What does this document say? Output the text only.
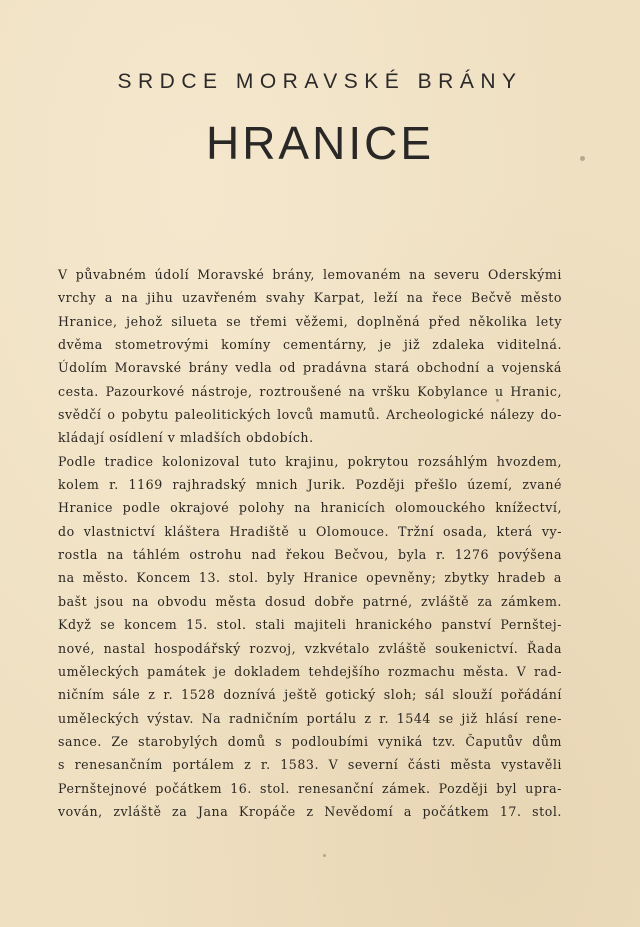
SRDCE MORAVSKÉ BRÁNY
HRANICE
V půvabném údolí Moravské brány, lemovaném na severu Oderskými
vrchy a na jihu uzavřeném svahy Karpat, leží na řece Bečvě město
Hranice, jehož silueta se třemi věžemi, doplněná před několika lety
dvěma stometrovými komíny cementárny, je již zdaleka viditelná.
Údolím Moravské brány vedla od pradávna stará obchodní a vojenská
cesta. Pazourkové nástroje, roztroušené na vršku Kobylance u Hranic,
svědčí o pobytu paleolitických lovců mamutů. Archeologické nálezy do-
kládají osídlení v mladších obdobích.
Podle tradice kolonizoval tuto krajinu, pokrytou rozsáhlým hvozdem,
kolem r. 1169 rajhradský mnich Jurik. Později přešlo území, zvané
Hranice podle okrajové polohy na hranicích olomouckého knížectví,
do vlastnictví kláštera Hradiště u Olomouce. Tržní osada, která vy-
rostla na táhlém ostrohu nad řekou Bečvou, byla r. 1276 povýšena
na město. Koncem 13. stol. byly Hranice opevněny; zbytky hradeb a
bašt jsou na obvodu města dosud dobře patrné, zvláště za zámkem.
Když se koncem 15. stol. stali majiteli hranického panství Pernštej-
nové, nastal hospodářský rozvoj, vzkvétalo zvláště soukenictví. Řada
uměleckých památek je dokladem tehdejšího rozmachu města. V rad-
ničním sále z r. 1528 doznívá ještě gotický sloh; sál slouží pořádání
uměleckých výstav. Na radničním portálu z r. 1544 se již hlásí rene-
sance. Ze starobylých domů s podloubími vyniká tzv. Čaputův dům
s renesančním portálem z r. 1583. V severní části města vystavěli
Pernštejnové počátkem 16. stol. renesanční zámek. Později byl upra-
vován, zvláště za Jana Kropáče z Nevědomí a počátkem 17. stol.
